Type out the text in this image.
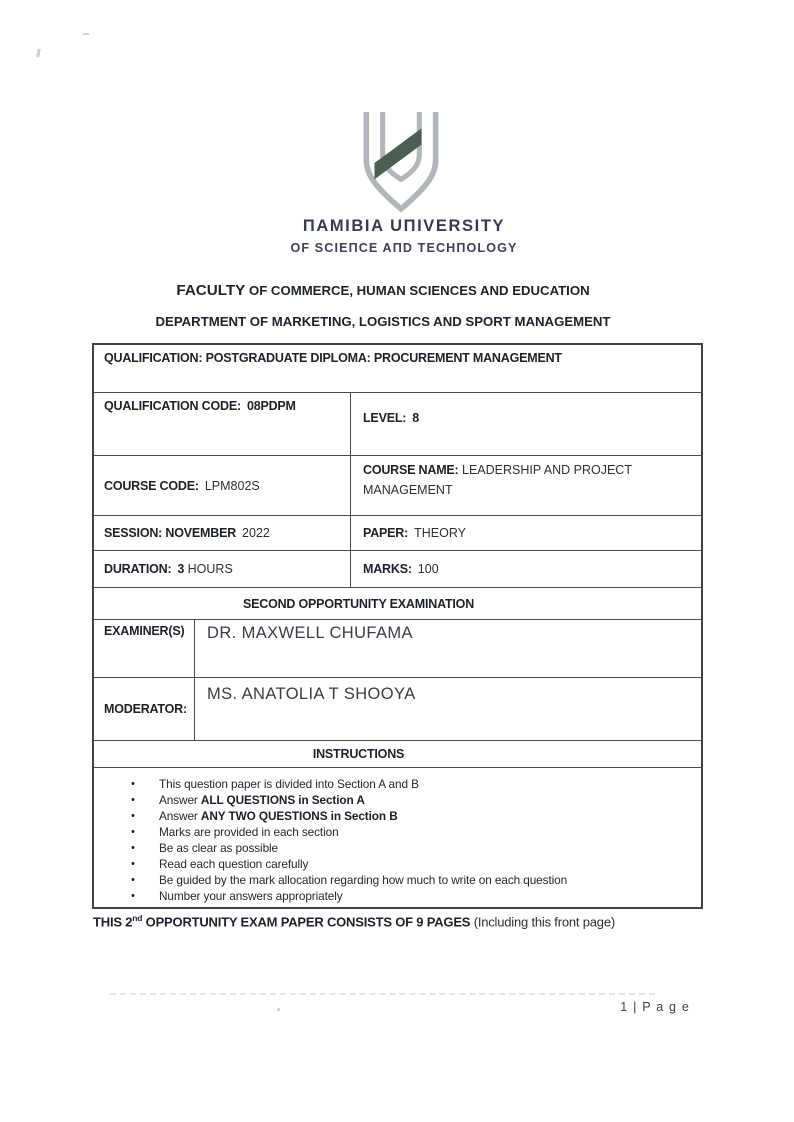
ПAMIBIA UПIVERSITY
OF SCIEПCE AПD TECHПOLOGY
FACULTY OF COMMERCE, HUMAN SCIENCES AND EDUCATION
DEPARTMENT OF MARKETING, LOGISTICS AND SPORT MANAGEMENT
QUALIFICATION: POSTGRADUATE DIPLOMA: PROCUREMENT MANAGEMENT
QUALIFICATION CODE: 08PDPM
LEVEL: 8
COURSE CODE: LPM802S
COURSE NAME: LEADERSHIP AND PROJECT
MANAGEMENT
SESSION: NOVEMBER 2022	PAPER: THEORY
DURATION: 3 HOURS	MARKS: 100
SECOND OPPORTUNITY EXAMINATION
EXAMINER(S)	DR. MAXWELL CHUFAMA
MODERATOR:
MS. ANATOLIA T SHOOYA
INSTRUCTIONS
•	This question paper is divided into Section A and B
•	Answer ALL QUESTIONS in Section A
•	Answer ANY TWO QUESTIONS in Section B
•	Marks are provided in each section
•	Be as clear as possible
•	Read each question carefully
•	Be guided by the mark allocation regarding how much to write on each question
•	Number your answers appropriately
THIS 2nd OPPORTUNITY EXAM PAPER CONSISTS OF 9 PAGES (Including this front page)
1 | P a g e
